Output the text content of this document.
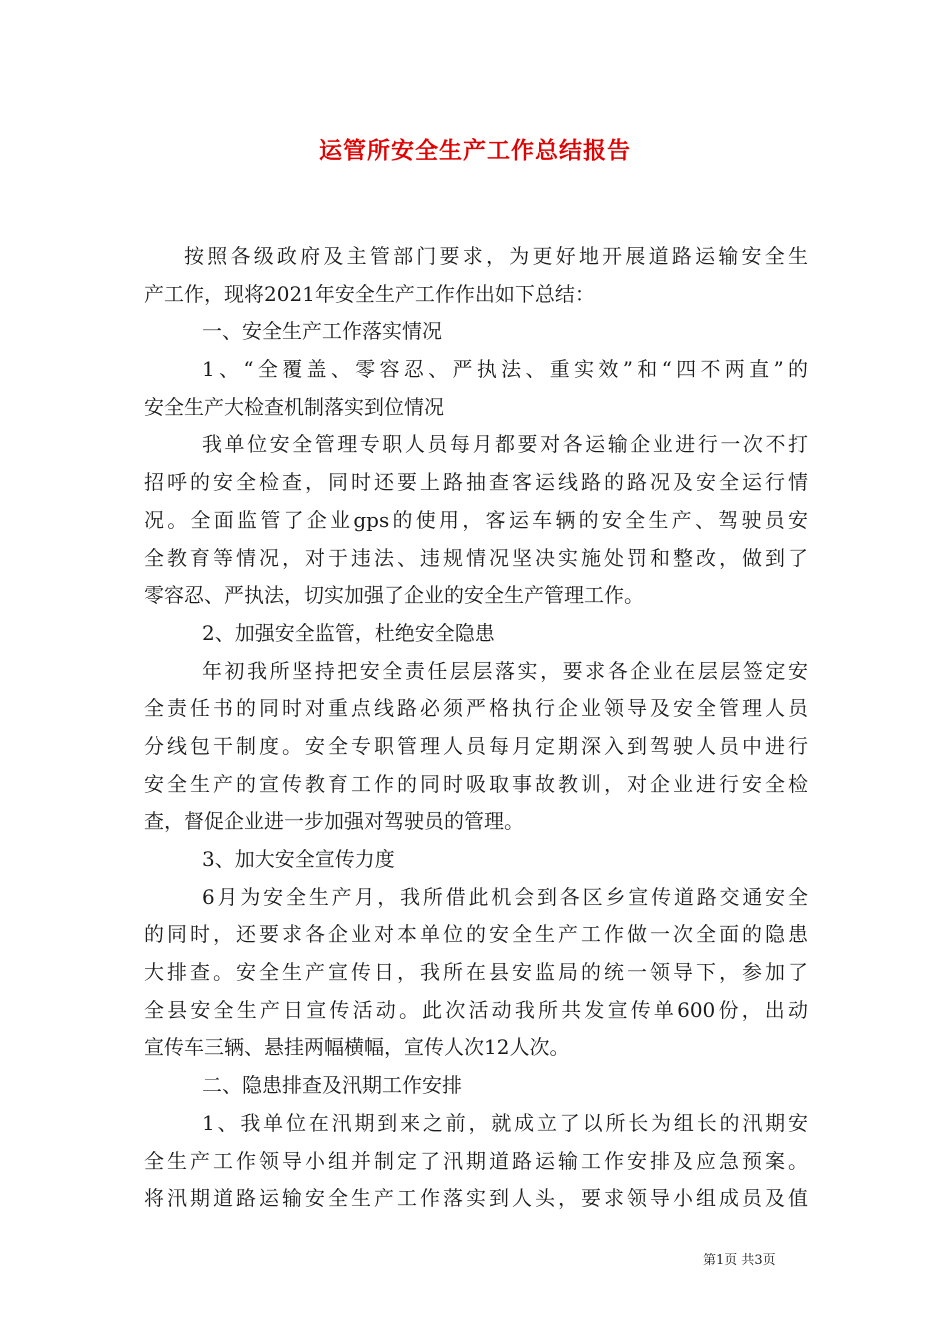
运管所安全生产工作总结报告
按照各级政府及主管部门要求，为更好地开展道路运输安全生
产工作，现将2021年安全生产工作作出如下总结：
一、安全生产工作落实情况
1、“全覆盖、零容忍、严执法、重实效”和“四不两直”的
安全生产大检查机制落实到位情况
我单位安全管理专职人员每月都要对各运输企业进行一次不打
招呼的安全检查，同时还要上路抽查客运线路的路况及安全运行情
况。全面监管了企业gps的使用，客运车辆的安全生产、驾驶员安
全教育等情况，对于违法、违规情况坚决实施处罚和整改，做到了
零容忍、严执法，切实加强了企业的安全生产管理工作。
2、加强安全监管，杜绝安全隐患
年初我所坚持把安全责任层层落实，要求各企业在层层签定安
全责任书的同时对重点线路必须严格执行企业领导及安全管理人员
分线包干制度。安全专职管理人员每月定期深入到驾驶人员中进行
安全生产的宣传教育工作的同时吸取事故教训，对企业进行安全检
查，督促企业进一步加强对驾驶员的管理。
3、加大安全宣传力度
6月为安全生产月，我所借此机会到各区乡宣传道路交通安全
的同时，还要求各企业对本单位的安全生产工作做一次全面的隐患
大排查。安全生产宣传日，我所在县安监局的统一领导下，参加了
全县安全生产日宣传活动。此次活动我所共发宣传单600份，出动
宣传车三辆、悬挂两幅横幅，宣传人次12人次。
二、隐患排查及汛期工作安排
1、我单位在汛期到来之前，就成立了以所长为组长的汛期安
全生产工作领导小组并制定了汛期道路运输工作安排及应急预案。
将汛期道路运输安全生产工作落实到人头，要求领导小组成员及值
第1页 共3页
